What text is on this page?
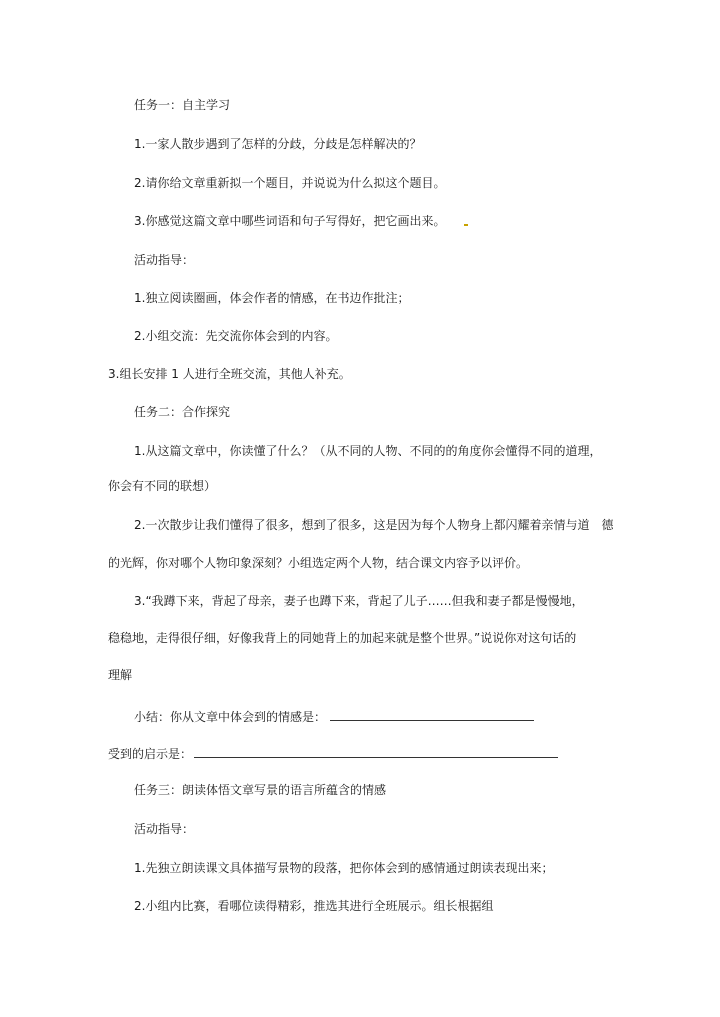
任务一：自主学习
1.一家人散步遇到了怎样的分歧，分歧是怎样解决的？
2.请你给文章重新拟一个题目，并说说为什么拟这个题目。
3.你感觉这篇文章中哪些词语和句子写得好，把它画出来。
活动指导：
1.独立阅读圈画，体会作者的情感，在书边作批注；
2.小组交流：先交流你体会到的内容。
3.组长安排 1 人进行全班交流，其他人补充。
任务二：合作探究
1.从这篇文章中，你读懂了什么？（从不同的人物、不同的的角度你会懂得不同的道理，
你会有不同的联想）
2.一次散步让我们懂得了很多，想到了很多，这是因为每个人物身上都闪耀着亲情与道　德
的光辉，你对哪个人物印象深刻？小组选定两个人物，结合课文内容予以评价。
3.“我蹲下来，背起了母亲，妻子也蹲下来，背起了儿子……但我和妻子都是慢慢地，
稳稳地，走得很仔细，好像我背上的同她背上的加起来就是整个世界。”说说你对这句话的
理解
小结：你从文章中体会到的情感是：
受到的启示是：
任务三：朗读体悟文章写景的语言所蕴含的情感
活动指导：
1.先独立朗读课文具体描写景物的段落，把你体会到的感情通过朗读表现出来；
2.小组内比赛，看哪位读得精彩，推选其进行全班展示。组长根据组
